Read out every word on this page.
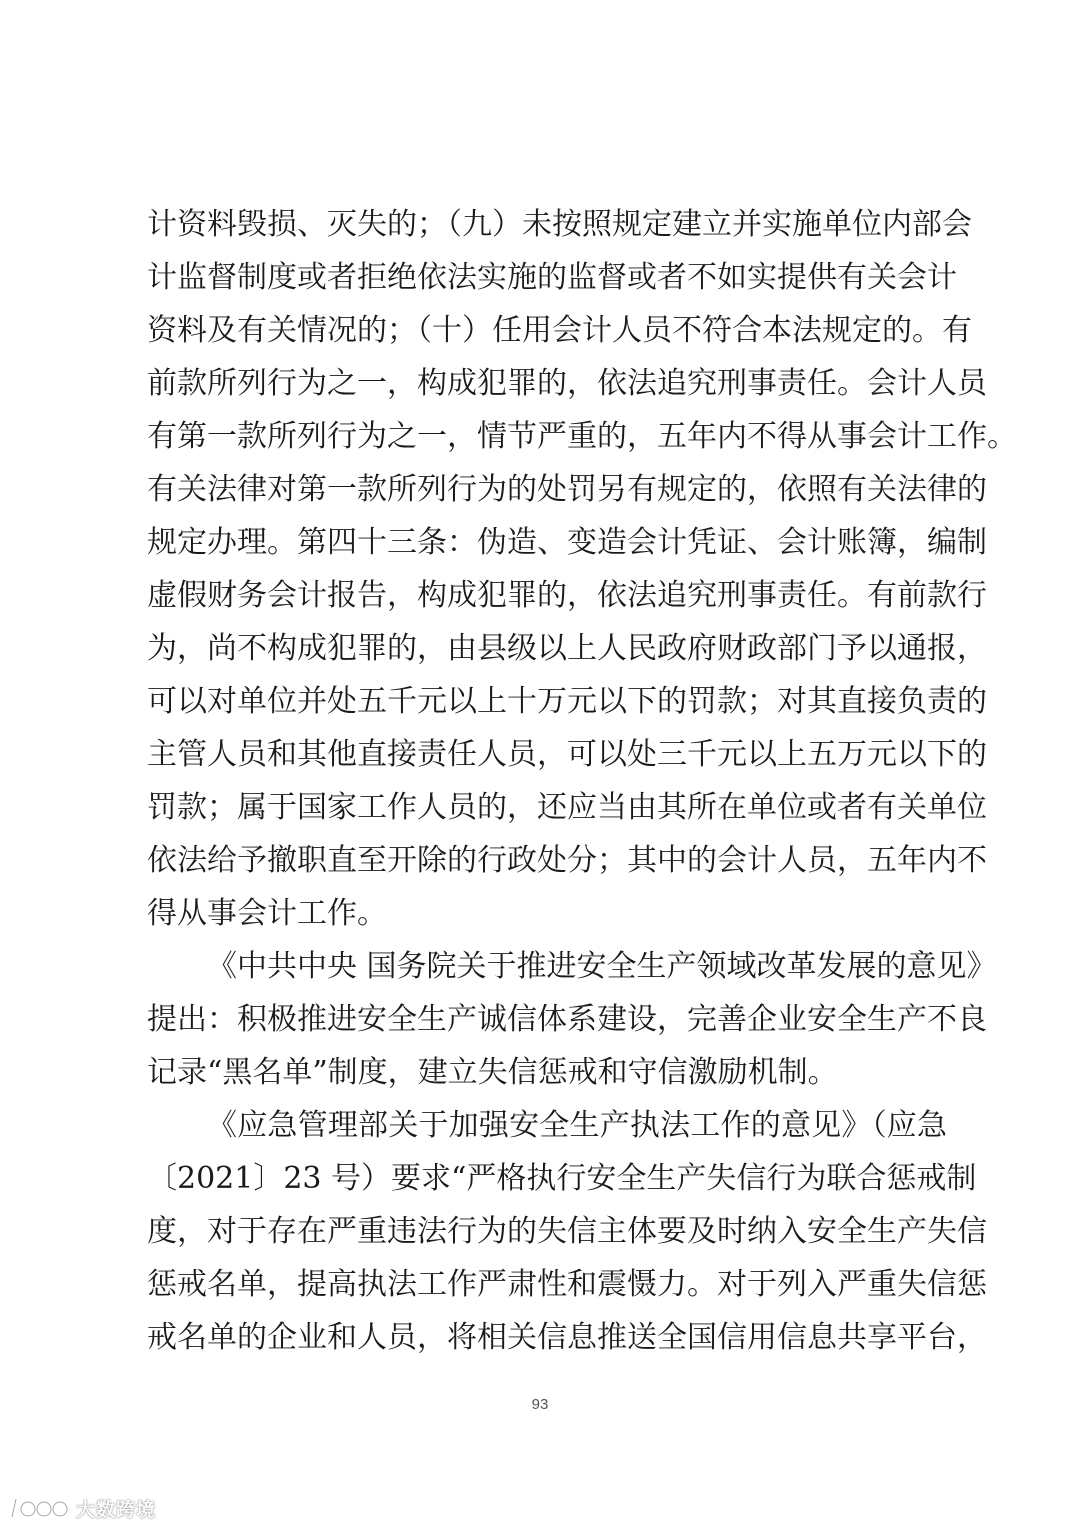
计资料毁损、灭失的；（九）未按照规定建立并实施单位内部会
计监督制度或者拒绝依法实施的监督或者不如实提供有关会计
资料及有关情况的；（十）任用会计人员不符合本法规定的。有
前款所列行为之一，构成犯罪的，依法追究刑事责任。会计人员
有第一款所列行为之一，情节严重的，五年内不得从事会计工作。
有关法律对第一款所列行为的处罚另有规定的，依照有关法律的
规定办理。第四十三条：伪造、变造会计凭证、会计账簿，编制
虚假财务会计报告，构成犯罪的，依法追究刑事责任。有前款行
为，尚不构成犯罪的，由县级以上人民政府财政部门予以通报，
可以对单位并处五千元以上十万元以下的罚款；对其直接负责的
主管人员和其他直接责任人员，可以处三千元以上五万元以下的
罚款；属于国家工作人员的，还应当由其所在单位或者有关单位
依法给予撤职直至开除的行政处分；其中的会计人员，五年内不
得从事会计工作。
《中共中央 国务院关于推进安全生产领域改革发展的意见》
提出：积极推进安全生产诚信体系建设，完善企业安全生产不良
记录“黑名单”制度，建立失信惩戒和守信激励机制。
《应急管理部关于加强安全生产执法工作的意见》（应急
〔2021〕23 号）要求“严格执行安全生产失信行为联合惩戒制
度，对于存在严重违法行为的失信主体要及时纳入安全生产失信
惩戒名单，提高执法工作严肃性和震慑力。对于列入严重失信惩
戒名单的企业和人员，将相关信息推送全国信用信息共享平台，
93
大数跨境
